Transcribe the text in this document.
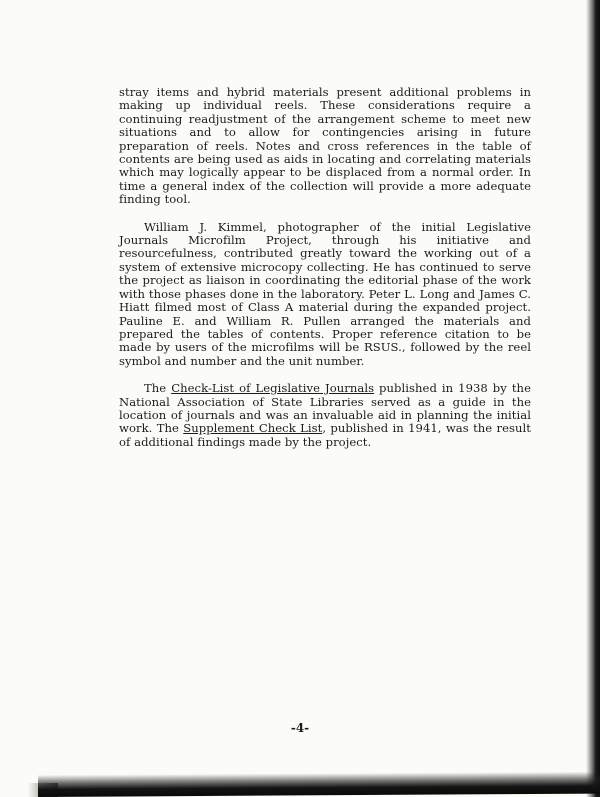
stray items and hybrid materials present additional problems in making up individual reels. These considerations require a continuing readjustment of the arrangement scheme to meet new situations and to allow for contingencies arising in future preparation of reels. Notes and cross references in the table of contents are being used as aids in locating and correlating materials which may logically appear to be displaced from a normal order. In time a general index of the collection will provide a more adequate finding tool.

William J. Kimmel, photographer of the initial Legislative Journals Microfilm Project, through his initiative and resourcefulness, contributed greatly toward the working out of a system of extensive microcopy collecting. He has continued to serve the project as liaison in coordinating the editorial phase of the work with those phases done in the laboratory. Peter L. Long and James C. Hiatt filmed most of Class A material during the expanded project. Pauline E. and William R. Pullen arranged the materials and prepared the tables of contents. Proper reference citation to be made by users of the microfilms will be RSUS., followed by the reel symbol and number and the unit number.

The Check-List of Legislative Journals published in 1938 by the National Association of State Libraries served as a guide in the location of journals and was an invaluable aid in planning the initial work. The Supplement Check List, published in 1941, was the result of additional findings made by the project.

-4-
